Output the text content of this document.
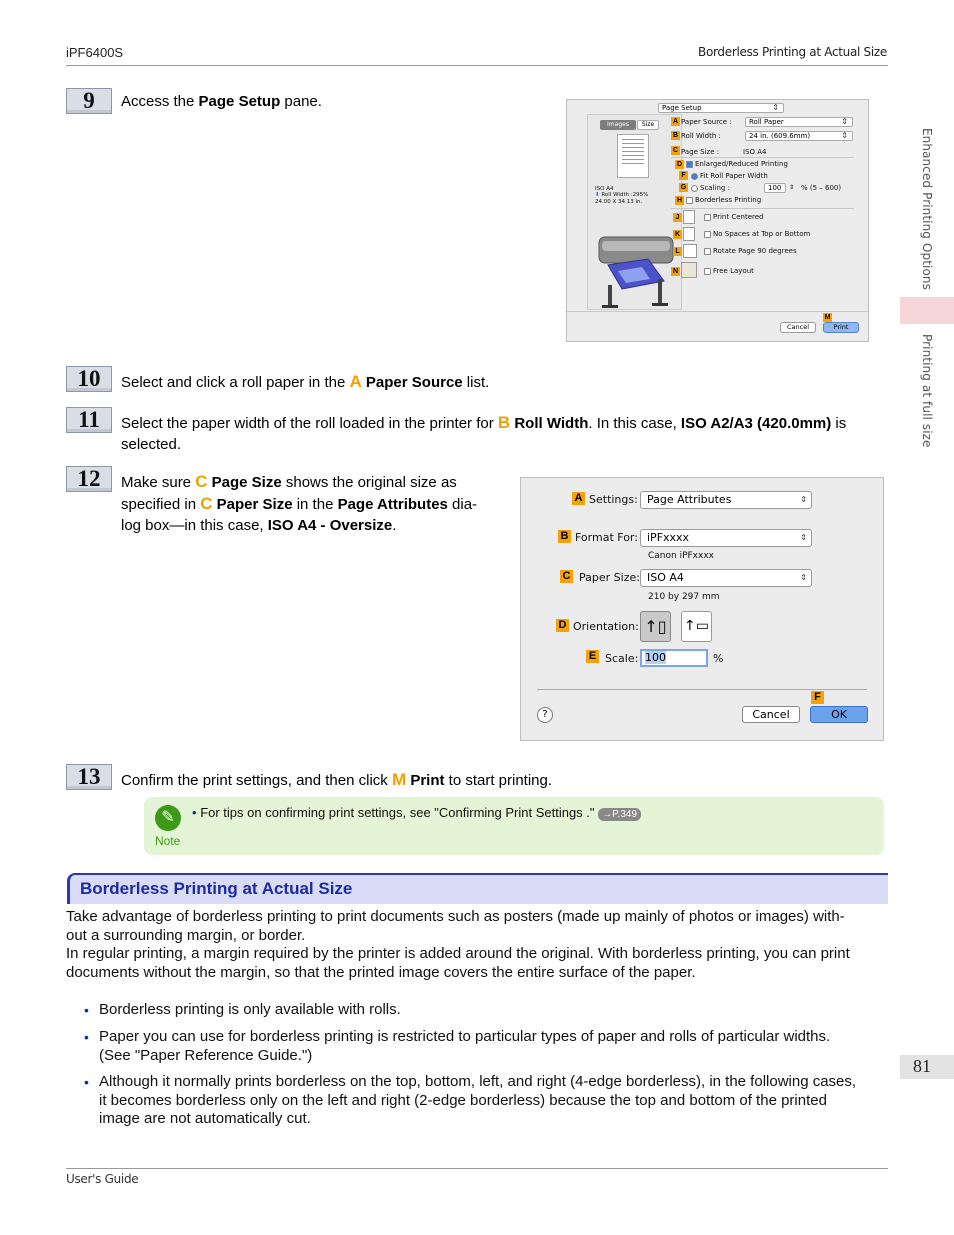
iPF6400S	Borderless Printing at Actual Size
Enhanced Printing Options
Printing at full size
81
9	Access the Page Setup pane.	Page Setup	⇕
Images	Size
ISO A4
⬇ Roll Width :295%
24.00 X 34.13 in.
A Paper Source :	Roll Paper	⇕
B Roll Width :	24 in. (609.6mm)	⇕
C Page Size :	ISO A4
D	Enlarged/Reduced Printing
F	Fit Roll Paper Width
G	Scaling :	100	⇕ % (5 – 600)
H	Borderless Printing
J	Print Centered
K	No Spaces at Top or Bottom
L	Rotate Page 90 degrees
N	Free Layout
M
Cancel	Print
10	Select and click a roll paper in the A Paper Source list.
11	Select the paper width of the roll loaded in the printer for B Roll Width. In this case, ISO A2/A3 (420.0mm) is
selected.
12	Make sure C Page Size shows the original size as
specified in C Paper Size in the Page Attributes dia-
log box—in this case, ISO A4 - Oversize.
A Settings: Page Attributes	⇕
B Format For: iPFxxxx	⇕
Canon iPFxxxx
C Paper Size: ISO A4	⇕
210 by 297 mm
D Orientation: ↑▯	↑▭
E Scale: 100	%
F
?	Cancel	OK
13	Confirm the print settings, and then click M Print to start printing.
✎
Note
• For tips on confirming print settings, see "Confirming Print Settings ." →P.349
Borderless Printing at Actual Size
Take advantage of borderless printing to print documents such as posters (made up mainly of photos or images) with-
out a surrounding margin, or border.
In regular printing, a margin required by the printer is added around the original. With borderless printing, you can print
documents without the margin, so that the printed image covers the entire surface of the paper.
• Borderless printing is only available with rolls.
• Paper you can use for borderless printing is restricted to particular types of paper and rolls of particular widths.
(See "Paper Reference Guide.")
• Although it normally prints borderless on the top, bottom, left, and right (4-edge borderless), in the following cases,
it becomes borderless only on the left and right (2-edge borderless) because the top and bottom of the printed
image are not automatically cut.
User's Guide
